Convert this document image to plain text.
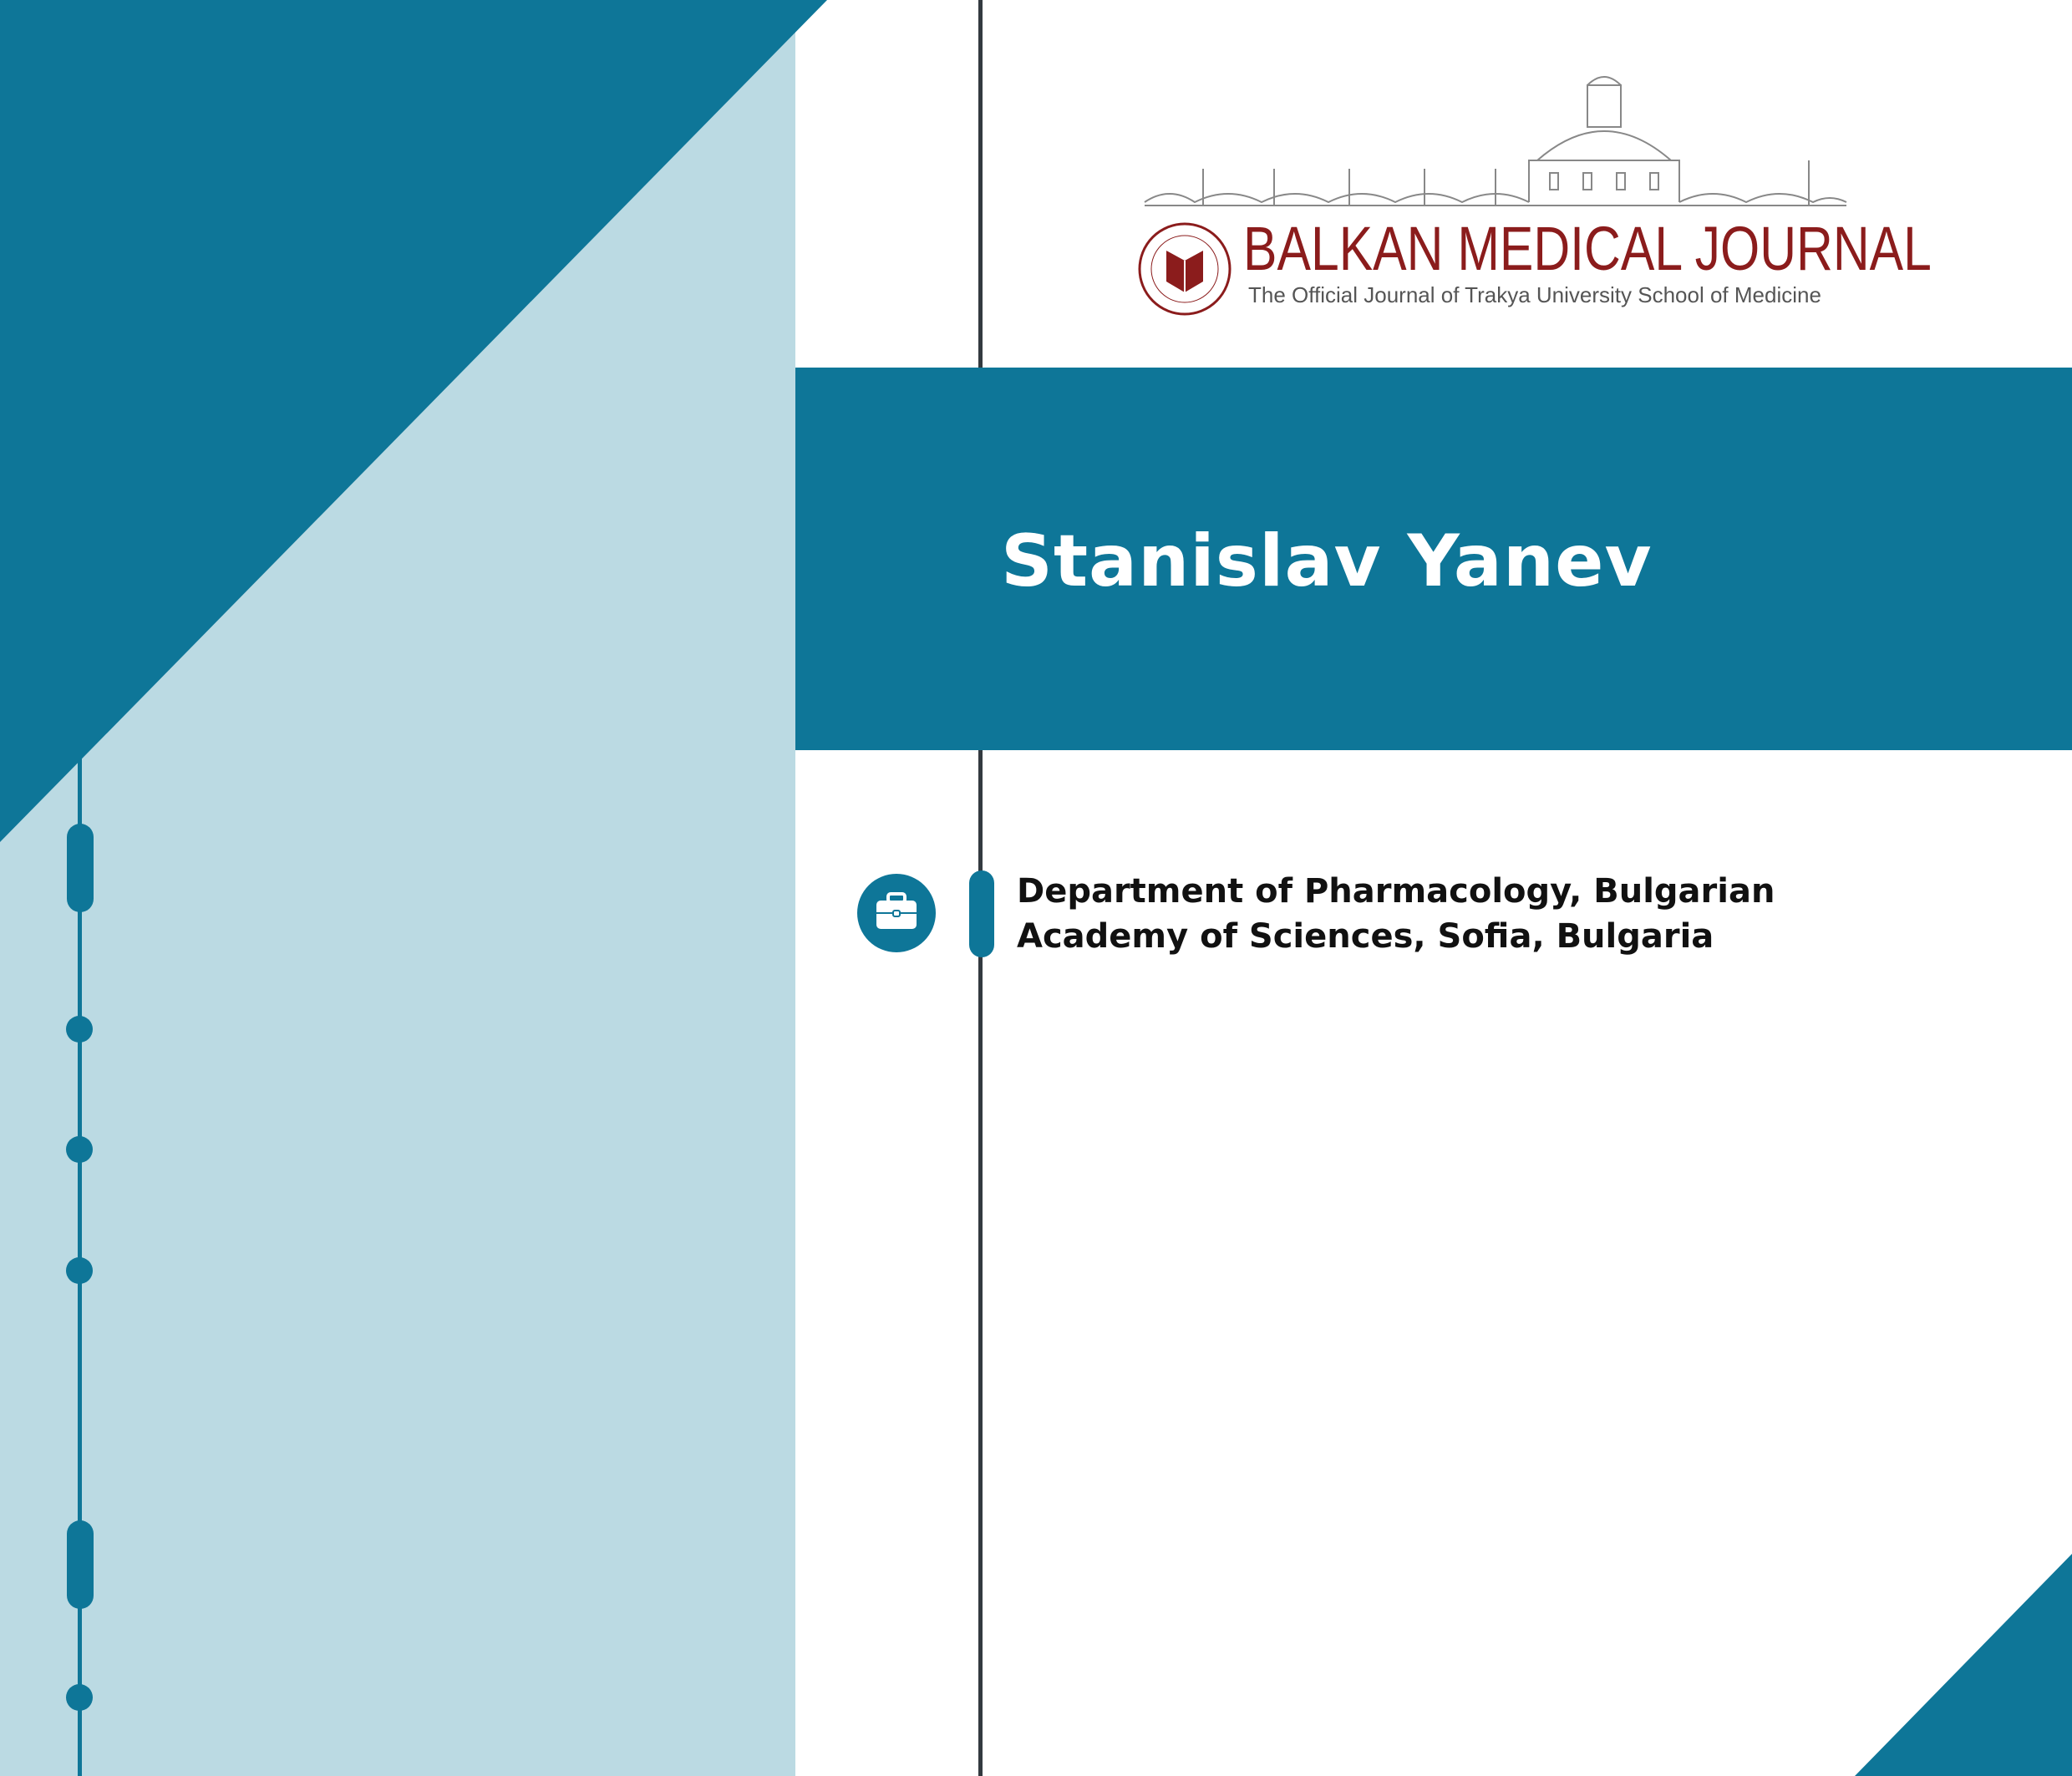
BALKAN MEDICAL JOURNAL
The Official Journal of Trakya University School of Medicine
Stanislav Yanev
Department of Pharmacology, Bulgarian Academy of Sciences, Sofia, Bulgaria
